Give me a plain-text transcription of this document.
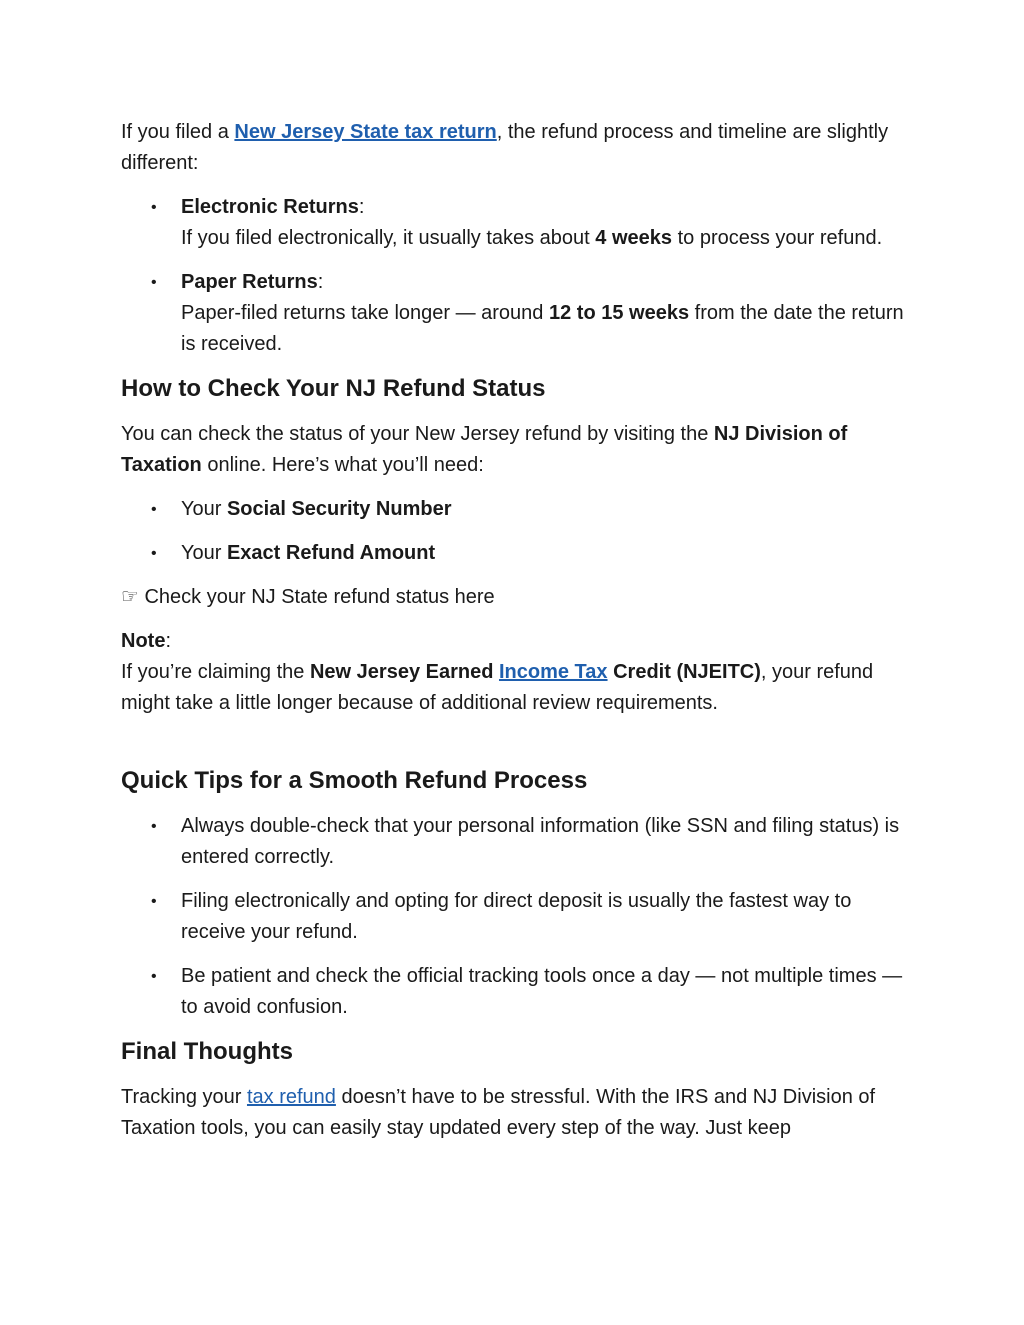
If you filed a New Jersey State tax return, the refund process and timeline are slightly different:

• Electronic Returns:
If you filed electronically, it usually takes about 4 weeks to process your refund.
• Paper Returns:
Paper-filed returns take longer — around 12 to 15 weeks from the date the return is received.
How to Check Your NJ Refund Status

You can check the status of your New Jersey refund by visiting the NJ Division of Taxation online. Here’s what you’ll need:

• Your Social Security Number
• Your Exact Refund Amount

☞ Check your NJ State refund status here

Note:
If you’re claiming the New Jersey Earned Income Tax Credit (NJEITC), your refund might take a little longer because of additional review requirements.

Quick Tips for a Smooth Refund Process
• Always double-check that your personal information (like SSN and filing status) is entered correctly.
• Filing electronically and opting for direct deposit is usually the fastest way to receive your refund.
• Be patient and check the official tracking tools once a day — not multiple times — to avoid confusion.
Final Thoughts

Tracking your tax refund doesn’t have to be stressful. With the IRS and NJ Division of Taxation tools, you can easily stay updated every step of the way. Just keep
